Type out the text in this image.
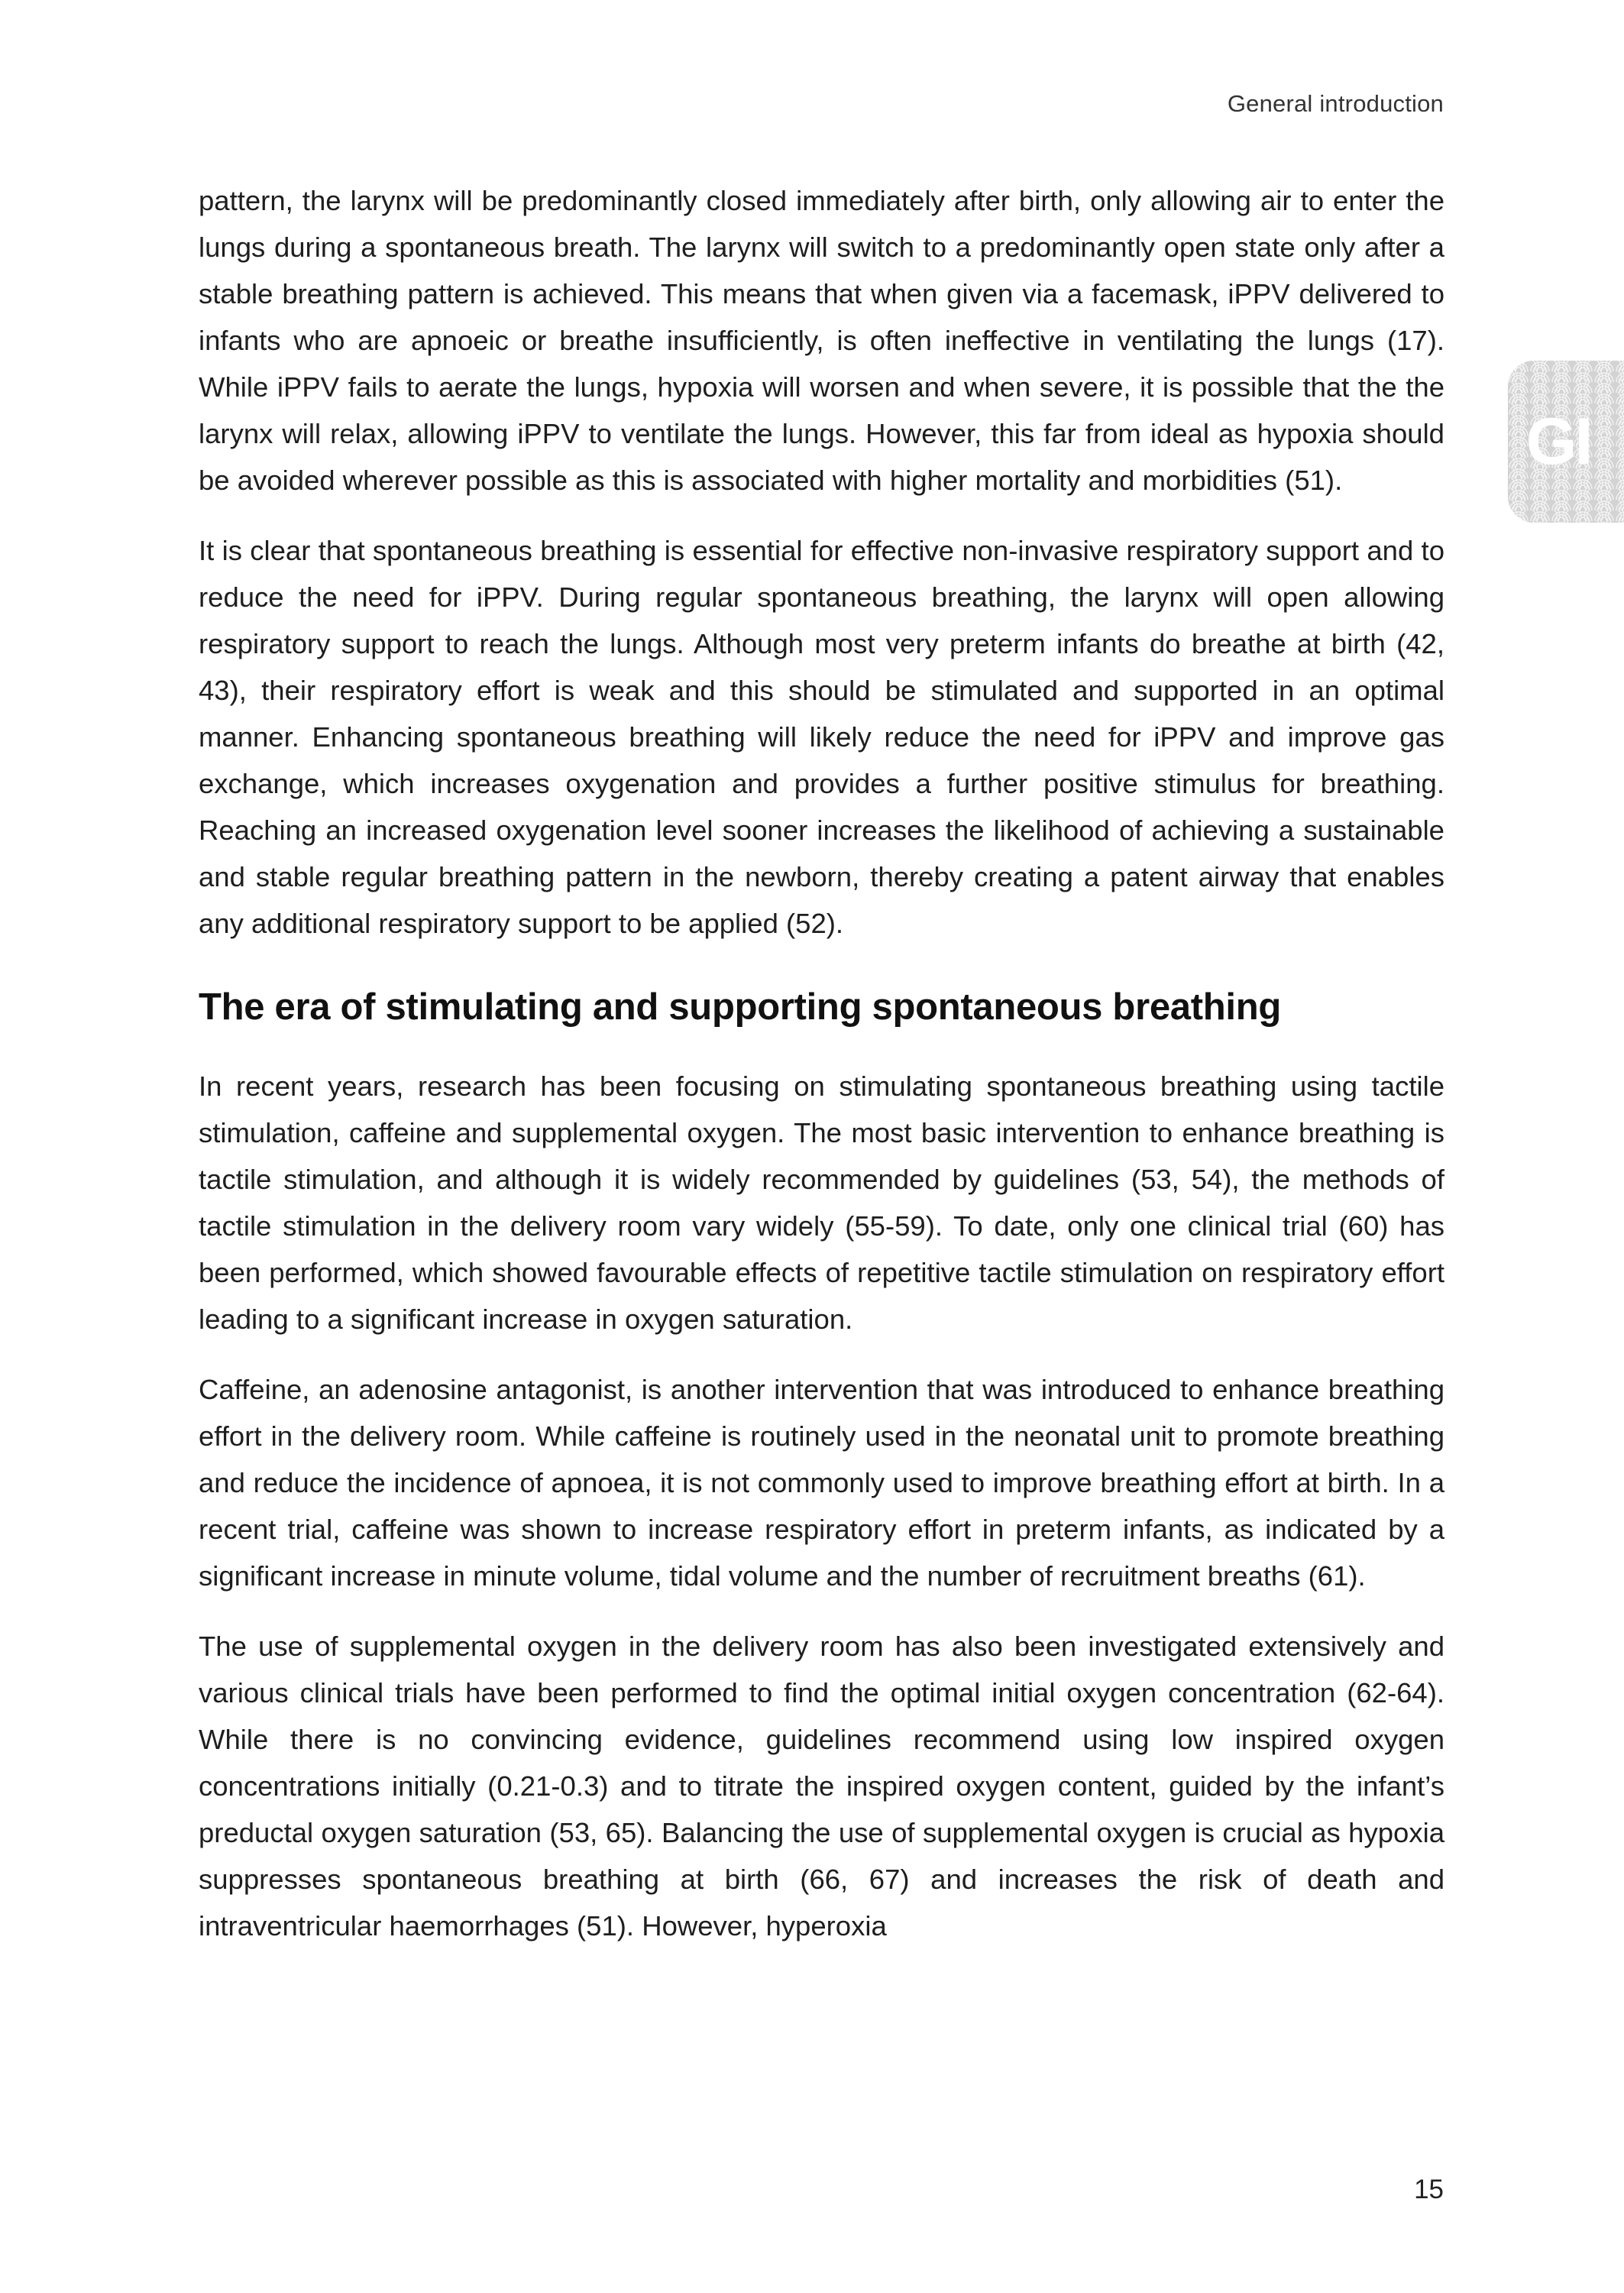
General introduction
GI

pattern, the larynx will be predominantly closed immediately after birth, only allowing air to enter the lungs during a spontaneous breath. The larynx will switch to a predominantly open state only after a stable breathing pattern is achieved. This means that when given via a facemask, iPPV delivered to infants who are apnoeic or breathe insufficiently, is often ineffective in ventilating the lungs (17). While iPPV fails to aerate the lungs, hypoxia will worsen and when severe, it is possible that the the larynx will relax, allowing iPPV to ventilate the lungs. However, this far from ideal as hypoxia should be avoided wherever possible as this is associated with higher mortality and morbidities (51).

It is clear that spontaneous breathing is essential for effective non-invasive respiratory support and to reduce the need for iPPV. During regular spontaneous breathing, the larynx will open allowing respiratory support to reach the lungs. Although most very preterm infants do breathe at birth (42, 43), their respiratory effort is weak and this should be stimulated and supported in an optimal manner. Enhancing spontaneous breathing will likely reduce the need for iPPV and improve gas exchange, which increases oxygenation and provides a further positive stimulus for breathing. Reaching an increased oxygenation level sooner increases the likelihood of achieving a sustainable and stable regular breathing pattern in the newborn, thereby creating a patent airway that enables any additional respiratory support to be applied (52).

The era of stimulating and supporting spontaneous breathing

In recent years, research has been focusing on stimulating spontaneous breathing using tactile stimulation, caffeine and supplemental oxygen. The most basic intervention to enhance breathing is tactile stimulation, and although it is widely recommended by guidelines (53, 54), the methods of tactile stimulation in the delivery room vary widely (55-59). To date, only one clinical trial (60) has been performed, which showed favourable effects of repetitive tactile stimulation on respiratory effort leading to a significant increase in oxygen saturation.

Caffeine, an adenosine antagonist, is another intervention that was introduced to enhance breathing effort in the delivery room. While caffeine is routinely used in the neonatal unit to promote breathing and reduce the incidence of apnoea, it is not commonly used to improve breathing effort at birth. In a recent trial, caffeine was shown to increase respiratory effort in preterm infants, as indicated by a significant increase in minute volume, tidal volume and the number of recruitment breaths (61).

The use of supplemental oxygen in the delivery room has also been investigated extensively and various clinical trials have been performed to find the optimal initial oxygen concentration (62-64). While there is no convincing evidence, guidelines recommend using low inspired oxygen concentrations initially (0.21-0.3) and to titrate the inspired oxygen content, guided by the infant’s preductal oxygen saturation (53, 65). Balancing the use of supplemental oxygen is crucial as hypoxia suppresses spontaneous breathing at birth (66, 67) and increases the risk of death and intraventricular haemorrhages (51). However, hyperoxia

15
